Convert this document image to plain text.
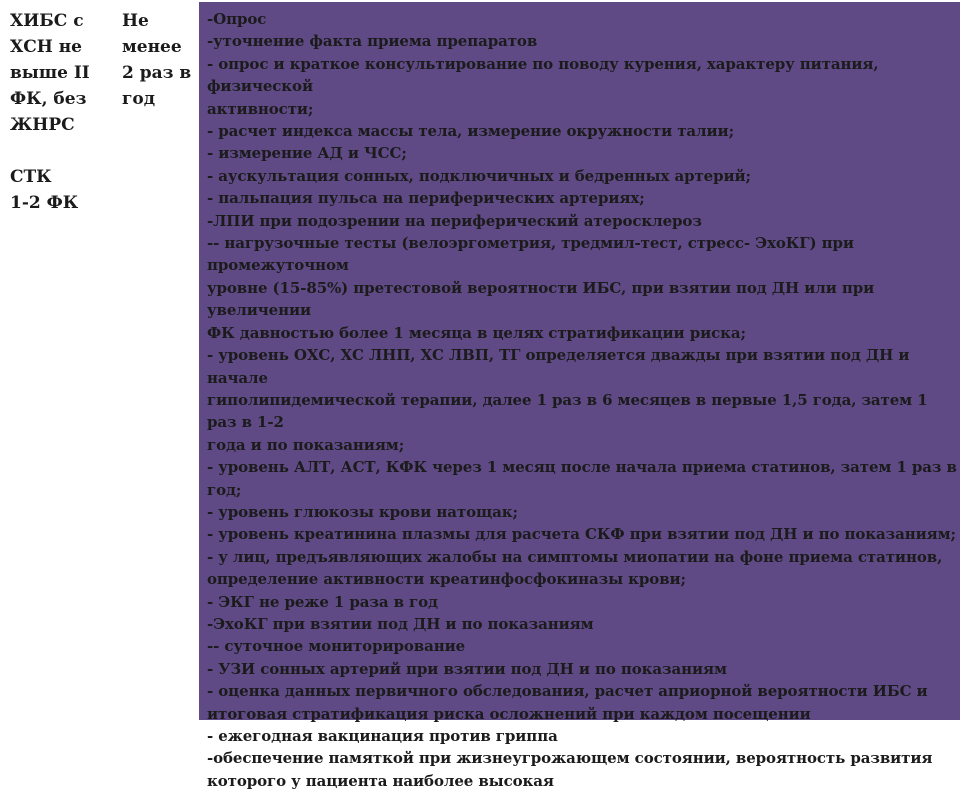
ХИБС с
ХСН не
выше II
ФК, без
ЖНРС

СТК
1-2 ФК
Не
менее
2 раз в
год
-Опрос
-уточнение факта приема препаратов
- опрос и краткое консультирование по поводу курения, характеру питания, физической
активности;
- расчет индекса массы тела, измерение окружности талии;
- измерение АД и ЧСС;
- аускультация сонных, подключичных и бедренных артерий;
- пальпация пульса на периферических артериях;
-ЛПИ при подозрении на периферический атеросклероз
-- нагрузочные тесты (велоэргометрия, тредмил-тест, стресс- ЭхоКГ) при промежуточном
уровне (15-85%) претестовой вероятности ИБС, при взятии под ДН или при увеличении
ФК давностью более 1 месяца в целях стратификации риска;
- уровень ОХС, ХС ЛНП, ХС ЛВП, ТГ определяется дважды при взятии под ДН и начале
гиполипидемической терапии, далее 1 раз в 6 месяцев в первые 1,5 года, затем 1 раз в 1-2
года и по показаниям;
- уровень АЛТ, АСТ, КФК через 1 месяц после начала приема статинов, затем 1 раз в год;
- уровень глюкозы крови натощак;
- уровень креатинина плазмы для расчета СКФ при взятии под ДН и по показаниям;
- у лиц, предъявляющих жалобы на симптомы миопатии на фоне приема статинов,
определение активности креатинфосфокиназы крови;
- ЭКГ не реже 1 раза в год
-ЭхоКГ при взятии под ДН и по показаниям
-- суточное мониторирование
- УЗИ сонных артерий при взятии под ДН и по показаниям
- оценка данных первичного обследования, расчет априорной вероятности ИБС и
итоговая стратификация риска осложнений при каждом посещении
- ежегодная вакцинация против гриппа
-обеспечение памяткой при жизнеугрожающем состоянии, вероятность развития
которого у пациента наиболее высокая
